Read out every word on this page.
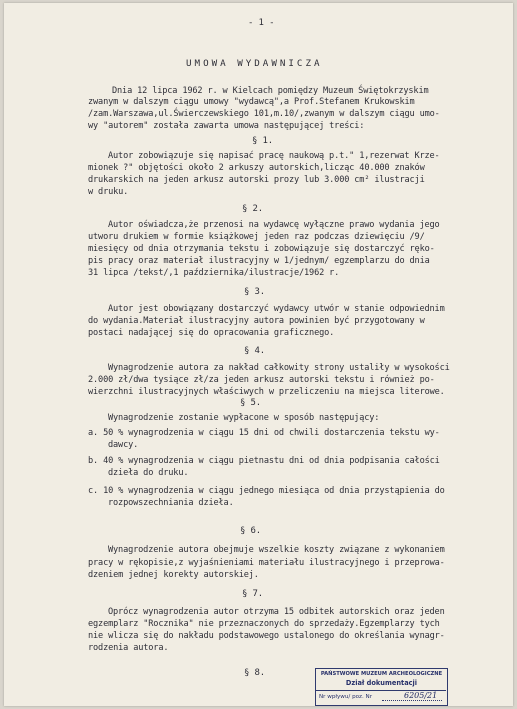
- 1 -
UMOWA WYDAWNICZA
Dnia 12 lipca 1962 r. w Kielcach pomiędzy Muzeum Świętokrzyskim
zwanym w dalszym ciągu umowy "wydawcą",a Prof.Stefanem Krukowskim
/zam.Warszawa,ul.Świerczewskiego 101,m.10/,zwanym w dalszym ciągu umo-
wy "autorem" została zawarta umowa następującej treści:
§ 1.
Autor zobowiązuje się napisać pracę naukową p.t." 1,rezerwat Krze-
mionek ?" objętości około 2 arkuszy autorskich,licząc 40.000 znaków
drukarskich na jeden arkusz autorski prozy lub 3.000 cm² ilustracji
w druku.
§ 2.
Autor oświadcza,że przenosi na wydawcę wyłączne prawo wydania jego
utworu drukiem w formie książkowej jeden raz podczas dziewięciu /9/
miesięcy od dnia otrzymania tekstu i zobowiązuje się dostarczyć ręko-
pis pracy oraz materiał ilustracyjny w 1/jednym/ egzemplarzu do dnia
31 lipca /tekst/,1 października/ilustracje/1962 r.
§ 3.
Autor jest obowiązany dostarczyć wydawcy utwór w stanie odpowiednim
do wydania.Materiał ilustracyjny autora powinien być przygotowany w
postaci nadającej się do opracowania graficznego.
§ 4.
Wynagrodzenie autora za nakład całkowity strony ustaliły w wysokości
2.000 zł/dwa tysiące zł/za jeden arkusz autorski tekstu i również po-
wierzchni ilustracyjnych właściwych w przeliczeniu na miejsca literowe.
§ 5.
Wynagrodzenie zostanie wypłacone w sposób następujący:
a. 50 % wynagrodzenia w ciągu 15 dni od chwili dostarczenia tekstu wy-
dawcy.
b. 40 % wynagrodzenia w ciągu pietnastu dni od dnia podpisania całości
dzieła do druku.
c. 10 % wynagrodzenia w ciągu jednego miesiąca od dnia przystąpienia do
rozpowszechniania dzieła.
§ 6.
Wynagrodzenie autora obejmuje wszelkie koszty związane z wykonaniem
pracy w rękopisie,z wyjaśnieniami materiału ilustracyjnego i przeprowa-
dzeniem jednej korekty autorskiej.
§ 7.
Oprócz wynagrodzenia autor otrzyma 15 odbitek autorskich oraz jeden
egzemplarz "Rocznika" nie przeznaczonych do sprzedaży.Egzemplarzy tych
nie wlicza się do nakładu podstawowego ustalonego do określania wynagr-
rodzenia autora.
§ 8.	PAŃSTWOWE MUZEUM ARCHEOLOGICZNE
Dział dokumentacji
Nr wpływu/ poz. Nr	6205/21
